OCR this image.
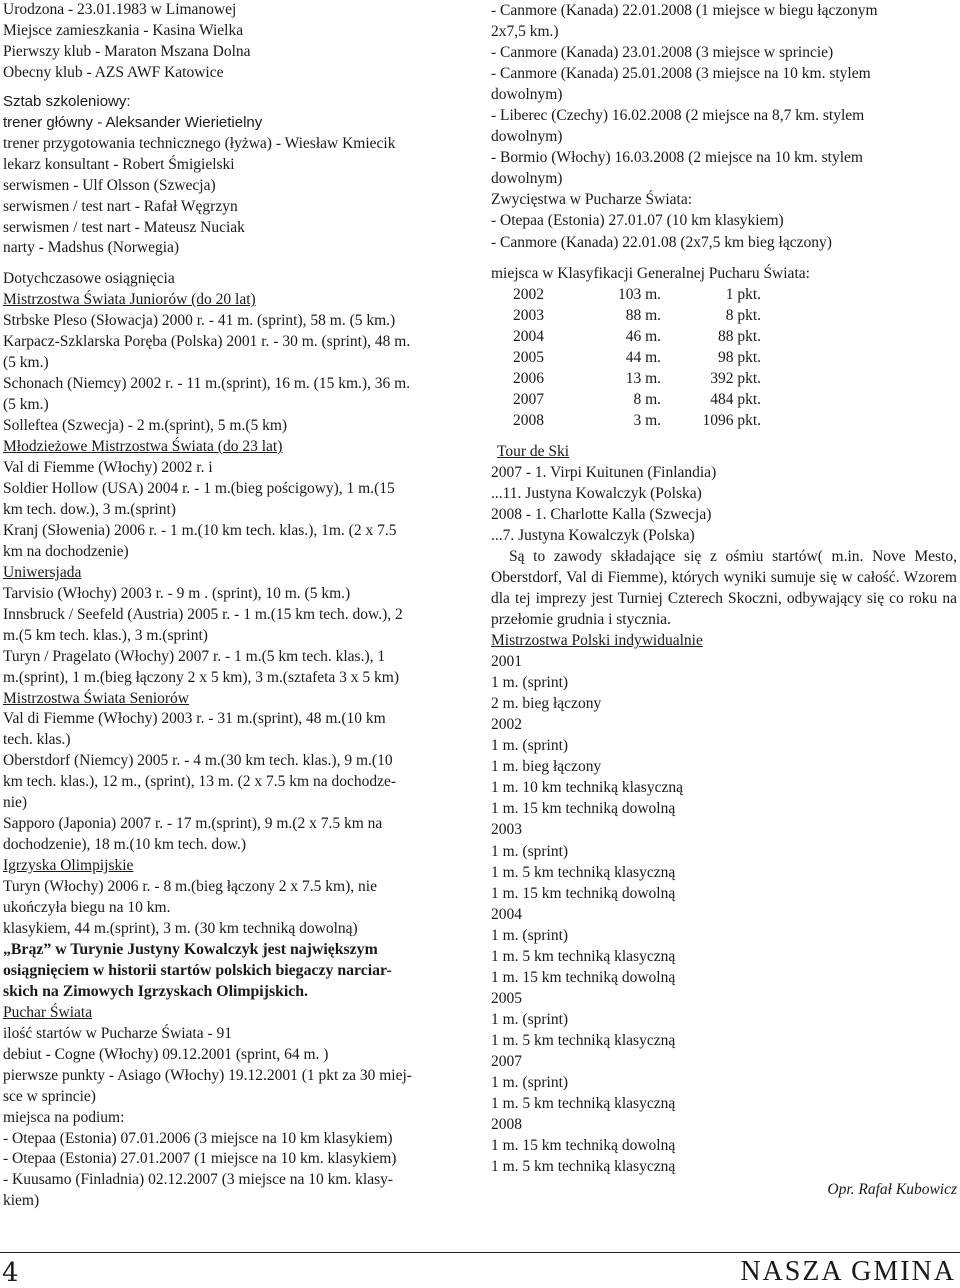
Urodzona - 23.01.1983 w Limanowej
Miejsce zamieszkania - Kasina Wielka
Pierwszy klub - Maraton Mszana Dolna
Obecny klub - AZS AWF Katowice
Sztab szkoleniowy:
trener główny - Aleksander Wierietielny
trener przygotowania technicznego (łyżwa) - Wiesław Kmiecik
lekarz konsultant - Robert Śmigielski
serwismen - Ulf Olsson (Szwecja)
serwismen / test nart - Rafał Węgrzyn
serwismen / test nart - Mateusz Nuciak
narty - Madshus (Norwegia)
Dotychczasowe osiągnięcia
Mistrzostwa Świata Juniorów (do 20 lat)
Strbske Pleso (Słowacja) 2000 r. - 41 m. (sprint), 58 m. (5 km.)
Karpacz-Szklarska Poręba (Polska) 2001 r. - 30 m. (sprint), 48 m.
(5 km.)
Schonach (Niemcy) 2002 r. - 11 m.(sprint), 16 m. (15 km.), 36 m.
(5 km.)
Solleftea (Szwecja) - 2 m.(sprint), 5 m.(5 km)
Młodzieżowe Mistrzostwa Świata (do 23 lat)
Val di Fiemme (Włochy) 2002 r. i
Soldier Hollow (USA) 2004 r. - 1 m.(bieg pościgowy), 1 m.(15
km tech. dow.), 3 m.(sprint)
Kranj (Słowenia) 2006 r. - 1 m.(10 km tech. klas.), 1m. (2 x 7.5
km na dochodzenie)
Uniwersjada
Tarvisio (Włochy) 2003 r. - 9 m . (sprint), 10 m. (5 km.)
Innsbruck / Seefeld (Austria) 2005 r. - 1 m.(15 km tech. dow.), 2
m.(5 km tech. klas.), 3 m.(sprint)
Turyn / Pragelato (Włochy) 2007 r. - 1 m.(5 km tech. klas.), 1
m.(sprint), 1 m.(bieg łączony 2 x 5 km), 3 m.(sztafeta 3 x 5 km)
Mistrzostwa Świata Seniorów
Val di Fiemme (Włochy) 2003 r. - 31 m.(sprint), 48 m.(10 km
tech. klas.)
Oberstdorf (Niemcy) 2005 r. - 4 m.(30 km tech. klas.), 9 m.(10
km tech. klas.), 12 m., (sprint), 13 m. (2 x 7.5 km na dochodze-
nie)
Sapporo (Japonia) 2007 r. - 17 m.(sprint), 9 m.(2 x 7.5 km na
dochodzenie), 18 m.(10 km tech. dow.)
Igrzyska Olimpijskie
Turyn (Włochy) 2006 r. - 8 m.(bieg łączony 2 x 7.5 km), nie
ukończyła biegu na 10 km.
klasykiem, 44 m.(sprint), 3 m. (30 km techniką dowolną)
„Brąz” w Turynie Justyny Kowalczyk jest największym
osiągnięciem w historii startów polskich biegaczy narciar-
skich na Zimowych Igrzyskach Olimpijskich.
Puchar Świata
ilość startów w Pucharze Świata - 91
debiut - Cogne (Włochy) 09.12.2001 (sprint, 64 m. )
pierwsze punkty - Asiago (Włochy) 19.12.2001 (1 pkt za 30 miej-
sce w sprincie)
miejsca na podium:
- Otepaa (Estonia) 07.01.2006 (3 miejsce na 10 km klasykiem)
- Otepaa (Estonia) 27.01.2007 (1 miejsce na 10 km. klasykiem)
- Kuusamo (Finladnia) 02.12.2007 (3 miejsce na 10 km. klasy-
kiem)
- Canmore (Kanada) 22.01.2008 (1 miejsce w biegu łączonym
2x7,5 km.)
- Canmore (Kanada) 23.01.2008 (3 miejsce w sprincie)
- Canmore (Kanada) 25.01.2008 (3 miejsce na 10 km. stylem
dowolnym)
- Liberec (Czechy) 16.02.2008 (2 miejsce na 8,7 km. stylem
dowolnym)
- Bormio (Włochy) 16.03.2008 (2 miejsce na 10 km. stylem
dowolnym)
Zwycięstwa w Pucharze Świata:
- Otepaa (Estonia) 27.01.07 (10 km klasykiem)
- Canmore (Kanada) 22.01.08 (2x7,5 km bieg łączony)
miejsca w Klasyfikacji Generalnej Pucharu Świata:
2002	103 m.	1 pkt.
2003	88 m.	8 pkt.
2004	46 m.	88 pkt.
2005	44 m.	98 pkt.
2006	13 m.	392 pkt.
2007	8 m.	484 pkt.
2008	3 m.	1096 pkt.
Tour de Ski
2007 - 1. Virpi Kuitunen (Finlandia)
...11. Justyna Kowalczyk (Polska)
2008 - 1. Charlotte Kalla (Szwecja)
...7. Justyna Kowalczyk (Polska)
Są to zawody składające się z ośmiu startów( m.in. Nove Mesto, Oberstdorf, Val di Fiemme), których wyniki sumuje się w całość. Wzorem dla tej imprezy jest Turniej Czterech Skoczni, odbywający się co roku na przełomie grudnia i stycznia.
Mistrzostwa Polski indywidualnie
2001
1 m. (sprint)
2 m. bieg łączony
2002
1 m. (sprint)
1 m. bieg łączony
1 m. 10 km techniką klasyczną
1 m. 15 km techniką dowolną
2003
1 m. (sprint)
1 m. 5 km techniką klasyczną
1 m. 15 km techniką dowolną
2004
1 m. (sprint)
1 m. 5 km techniką klasyczną
1 m. 15 km techniką dowolną
2005
1 m. (sprint)
1 m. 5 km techniką klasyczną
2007
1 m. (sprint)
1 m. 5 km techniką klasyczną
2008
1 m. 15 km techniką dowolną
1 m. 5 km techniką klasyczną
Opr. Rafał Kubowicz
4	NASZA GMINA
